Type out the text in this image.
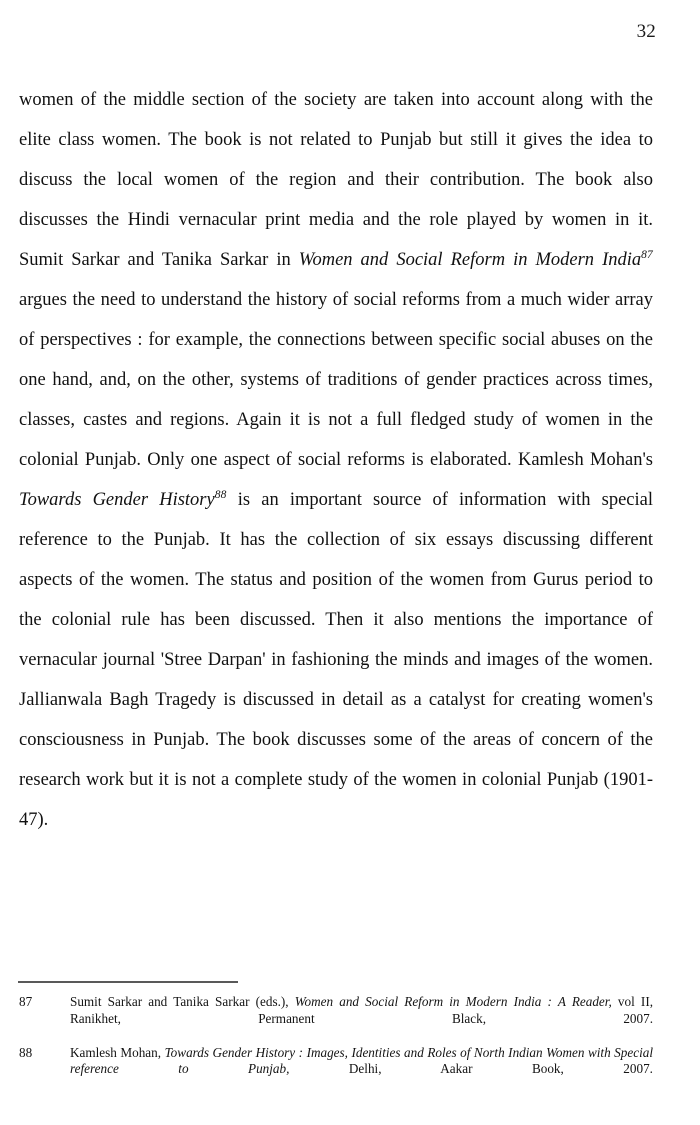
32

women of the middle section of the society are taken into account along with the elite class women. The book is not related to Punjab but still it gives the idea to discuss the local women of the region and their contribution. The book also discusses the Hindi vernacular print media and the role played by women in it. Sumit Sarkar and Tanika Sarkar in Women and Social Reform in Modern India$^{87}$ argues the need to understand the history of social reforms from a much wider array of perspectives : for example, the connections between specific social abuses on the one hand, and, on the other, systems of traditions of gender practices across times, classes, castes and regions. Again it is not a full fledged study of women in the colonial Punjab. Only one aspect of social reforms is elaborated. Kamlesh Mohan's Towards Gender History$^{88}$ is an important source of information with special reference to the Punjab. It has the collection of six essays discussing different aspects of the women. The status and position of the women from Gurus period to the colonial rule has been discussed. Then it also mentions the importance of vernacular journal 'Stree Darpan' in fashioning the minds and images of the women. Jallianwala Bagh Tragedy is discussed in detail as a catalyst for creating women's consciousness in Punjab. The book discusses some of the areas of concern of the research work but it is not a complete study of the women in colonial Punjab (1901-47).

87	Sumit Sarkar and Tanika Sarkar (eds.), Women and Social Reform in Modern India : A Reader, vol II, Ranikhet, Permanent Black, 2007.

88	Kamlesh Mohan, Towards Gender History : Images, Identities and Roles of North Indian Women with Special reference to Punjab, Delhi, Aakar Book, 2007.
